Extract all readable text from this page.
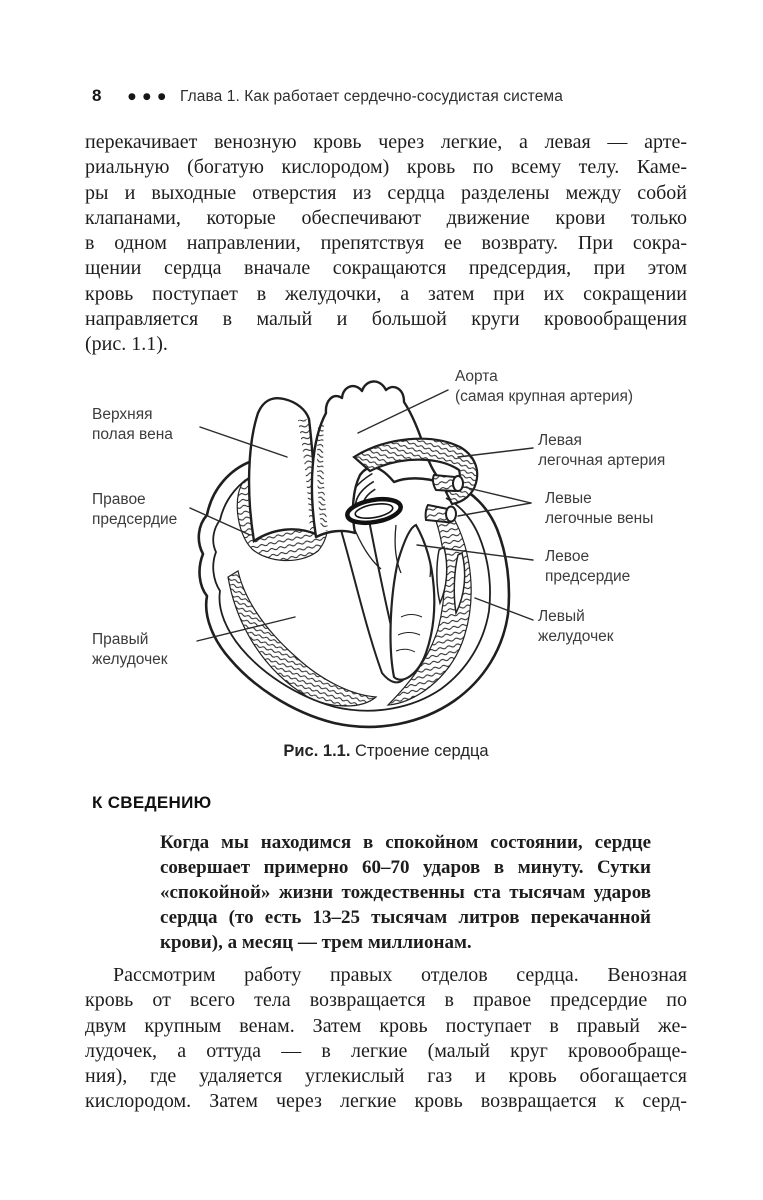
8	●●● Глава 1. Как работает сердечно-сосудистая система
перекачивает венозную кровь через легкие, а левая — арте-
риальную (богатую кислородом) кровь по всему телу. Каме-
ры и выходные отверстия из сердца разделены между собой
клапанами, которые обеспечивают движение крови только
в одном направлении, препятствуя ее возврату. При сокра-
щении сердца вначале сокращаются предсердия, при этом
кровь поступает в желудочки, а затем при их сокращении
направляется в малый и большой круги кровообращения
(рис. 1.1).
Аорта
(самая крупная артерия)
Верхняя
полая вена
Правое
предсердие
Левая
легочная артерия
Левые
легочные вены
Левое
предсердие
Левый
желудочек
Правый
желудочек
Рис. 1.1. Строение сердца
К СВЕДЕНИЮ
Когда мы находимся в спокойном состоянии, сердце
совершает примерно 60–70 ударов в минуту. Сутки
«спокойной» жизни тождественны ста тысячам ударов
сердца (то есть 13–25 тысячам литров перекачанной
крови), а месяц — трем миллионам.
Рассмотрим работу правых отделов сердца. Венозная
кровь от всего тела возвращается в правое предсердие по
двум крупным венам. Затем кровь поступает в правый же-
лудочек, а оттуда — в легкие (малый круг кровообраще-
ния), где удаляется углекислый газ и кровь обогащается
кислородом. Затем через легкие кровь возвращается к серд-
